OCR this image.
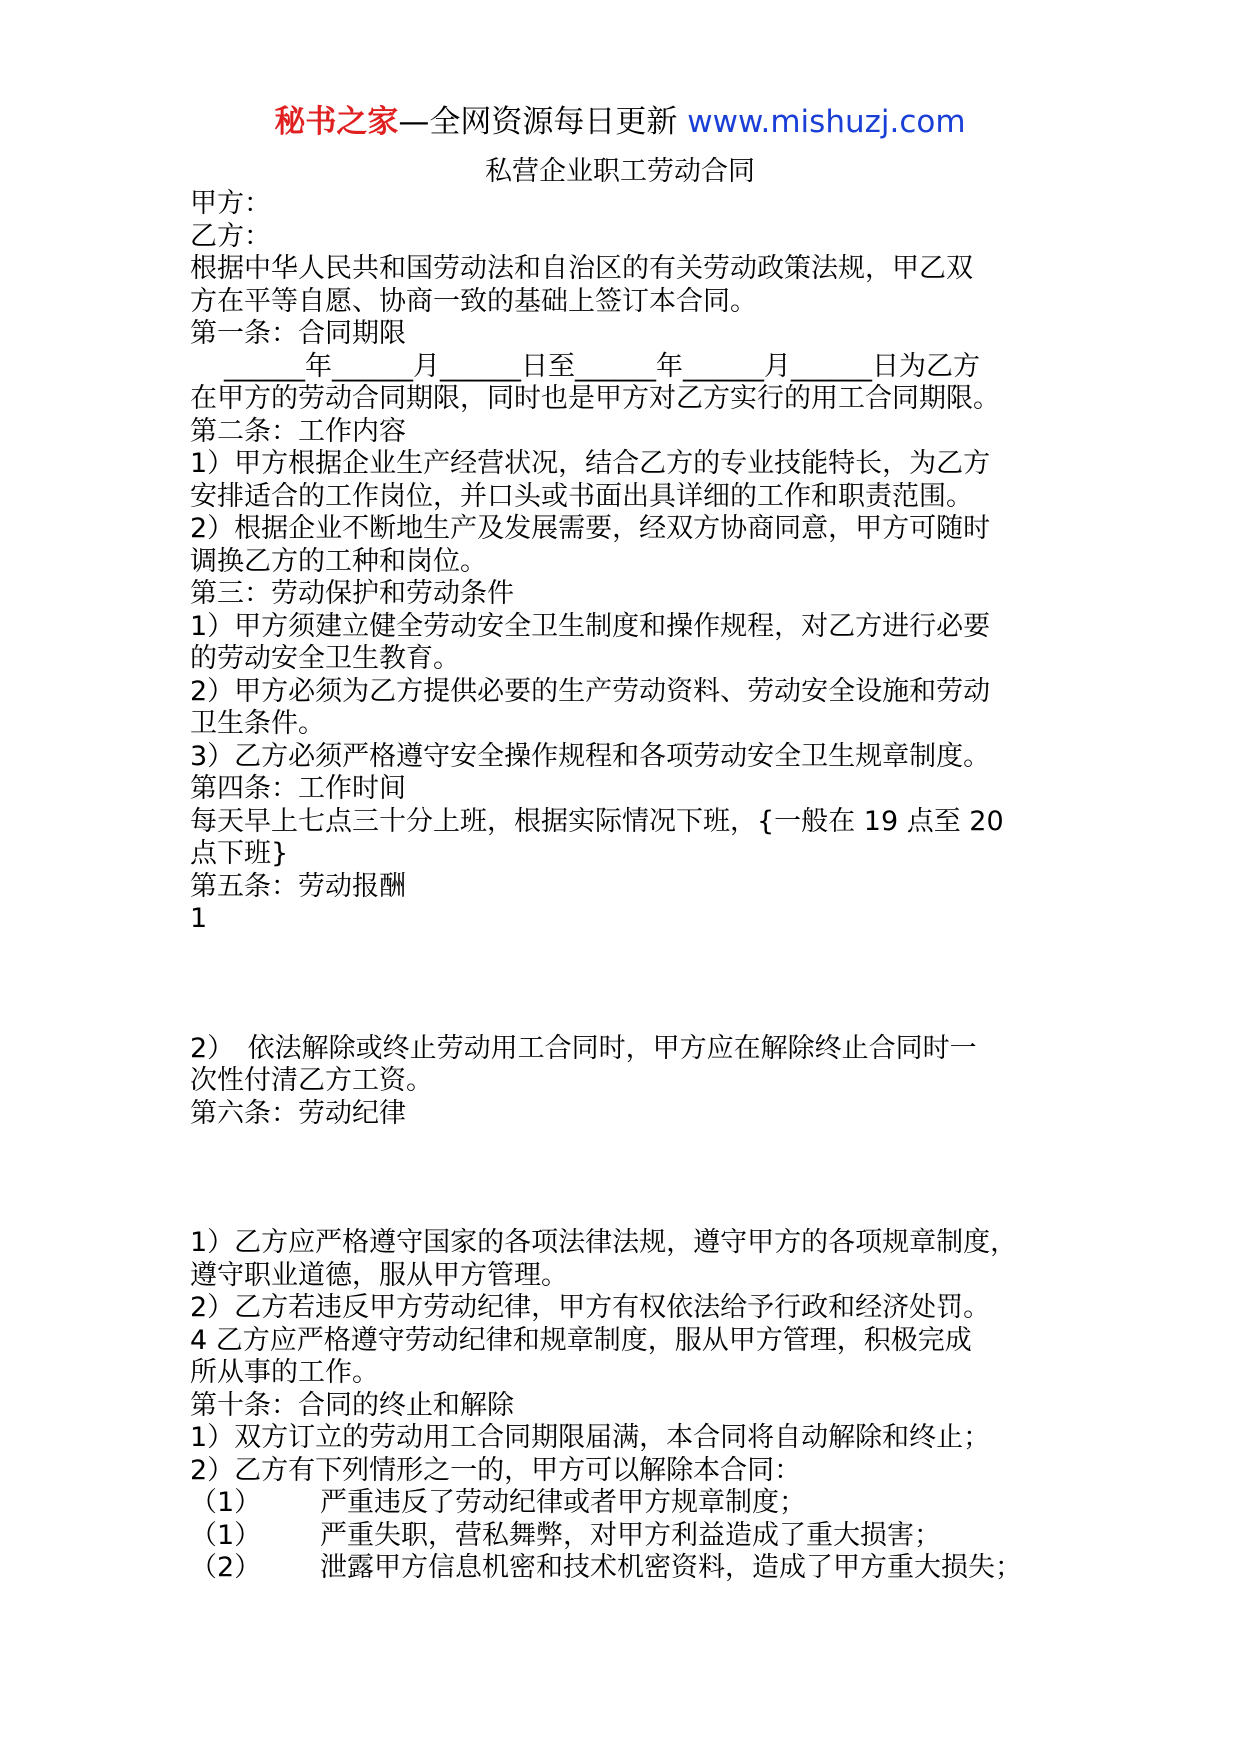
秘书之家—全网资源每日更新 www.mishuzj.com
私营企业职工劳动合同
甲方：
乙方：
根据中华人民共和国劳动法和自治区的有关劳动政策法规，甲乙双
方在平等自愿、协商一致的基础上签订本合同。
第一条：合同期限
______年______月______日至______年______月______日为乙方
在甲方的劳动合同期限，同时也是甲方对乙方实行的用工合同期限。
第二条：工作内容
1）甲方根据企业生产经营状况，结合乙方的专业技能特长，为乙方
安排适合的工作岗位，并口头或书面出具详细的工作和职责范围。
2）根据企业不断地生产及发展需要，经双方协商同意，甲方可随时
调换乙方的工种和岗位。
第三：劳动保护和劳动条件
1）甲方须建立健全劳动安全卫生制度和操作规程，对乙方进行必要
的劳动安全卫生教育。
2）甲方必须为乙方提供必要的生产劳动资料、劳动安全设施和劳动
卫生条件。
3）乙方必须严格遵守安全操作规程和各项劳动安全卫生规章制度。
第四条：工作时间
每天早上七点三十分上班，根据实际情况下班，{一般在 19 点至 20
点下班}
第五条：劳动报酬
1
2）　依法解除或终止劳动用工合同时，甲方应在解除终止合同时一
次性付清乙方工资。
第六条：劳动纪律
1）乙方应严格遵守国家的各项法律法规，遵守甲方的各项规章制度，
遵守职业道德，服从甲方管理。
2）乙方若违反甲方劳动纪律，甲方有权依法给予行政和经济处罚。
4 乙方应严格遵守劳动纪律和规章制度，服从甲方管理，积极完成
所从事的工作。
第十条：合同的终止和解除
1）双方订立的劳动用工合同期限届满，本合同将自动解除和终止；
2）乙方有下列情形之一的，甲方可以解除本合同：
（1） 严重违反了劳动纪律或者甲方规章制度；
（1） 严重失职，营私舞弊，对甲方利益造成了重大损害；
（2） 泄露甲方信息机密和技术机密资料，造成了甲方重大损失；
